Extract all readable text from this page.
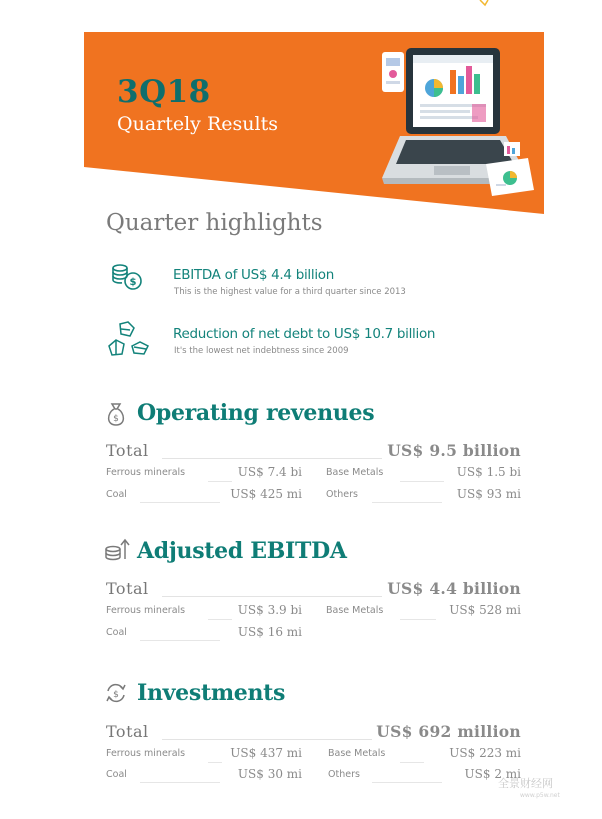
3Q18
Quartely Results
Quarter highlights
$	EBITDA of US$ 4.4 billion
This is the highest value for a third quarter since 2013
Reduction of net debt to US$ 10.7 billion
It's the lowest net indebtness since 2009
$ Operating revenues
Total	US$ 9.5 billion
Ferrous minerals	US$ 7.4 bi	Base Metals	US$ 1.5 bi
Coal	US$ 425 mi	Others	US$ 93 mi
Adjusted EBITDA
Total	US$ 4.4 billion
Ferrous minerals	US$ 3.9 bi	Base Metals	US$ 528 mi
Coal	US$ 16 mi
$ Investments
Total	US$ 692 million
Ferrous minerals	US$ 437 mi	Base Metals	US$ 223 mi
Coal	US$ 30 mi	Others	US$ 2 mi
全景财经网
www.p5w.net
